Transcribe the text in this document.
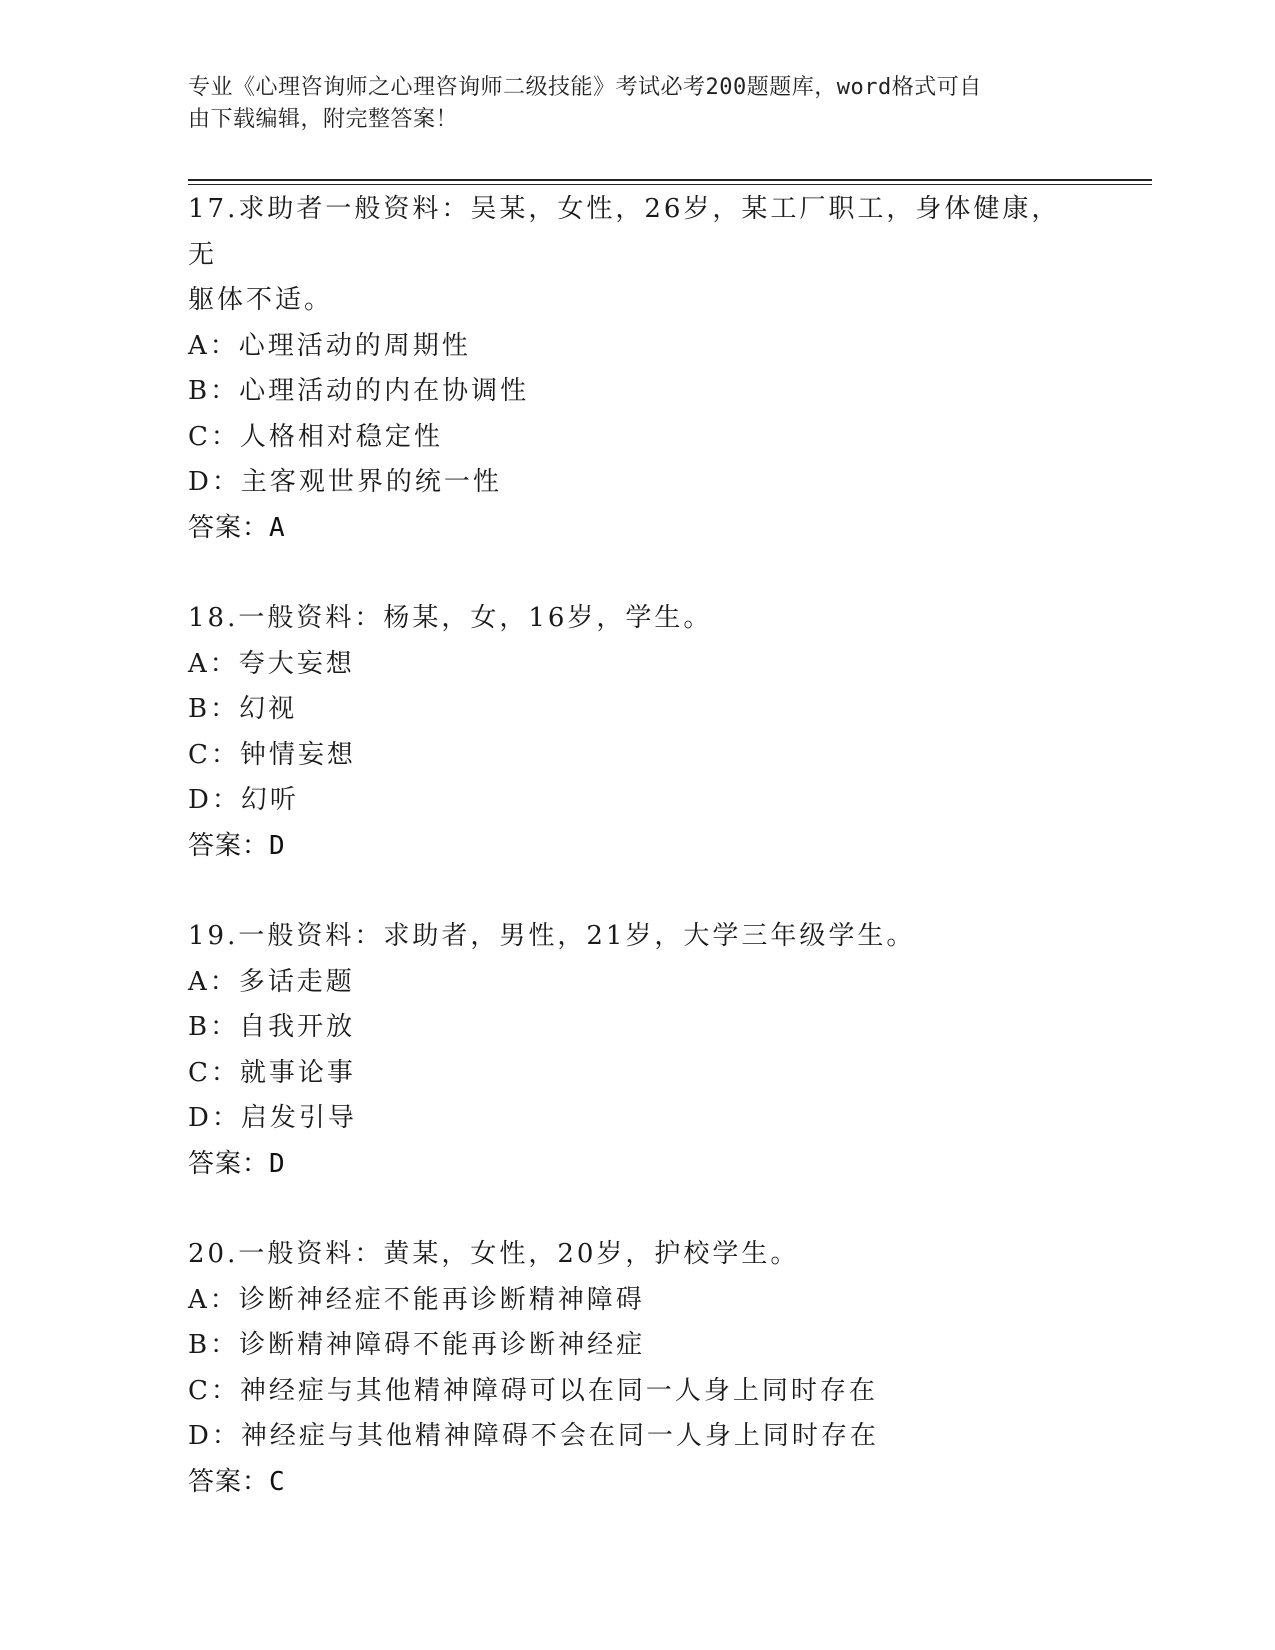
专业《心理咨询师之心理咨询师二级技能》考试必考200题题库，word格式可自
由下载编辑，附完整答案！
17.求助者一般资料：吴某，女性，26岁，某工厂职工，身体健康，无
躯体不适。
A：心理活动的周期性
B：心理活动的内在协调性
C：人格相对稳定性
D：主客观世界的统一性
答案：A
18.一般资料：杨某，女，16岁，学生。
A：夸大妄想
B：幻视
C：钟情妄想
D：幻听
答案：D
19.一般资料：求助者，男性，21岁，大学三年级学生。
A：多话走题
B：自我开放
C：就事论事
D：启发引导
答案：D
20.一般资料：黄某，女性，20岁，护校学生。
A：诊断神经症不能再诊断精神障碍
B：诊断精神障碍不能再诊断神经症
C：神经症与其他精神障碍可以在同一人身上同时存在
D：神经症与其他精神障碍不会在同一人身上同时存在
答案：C
